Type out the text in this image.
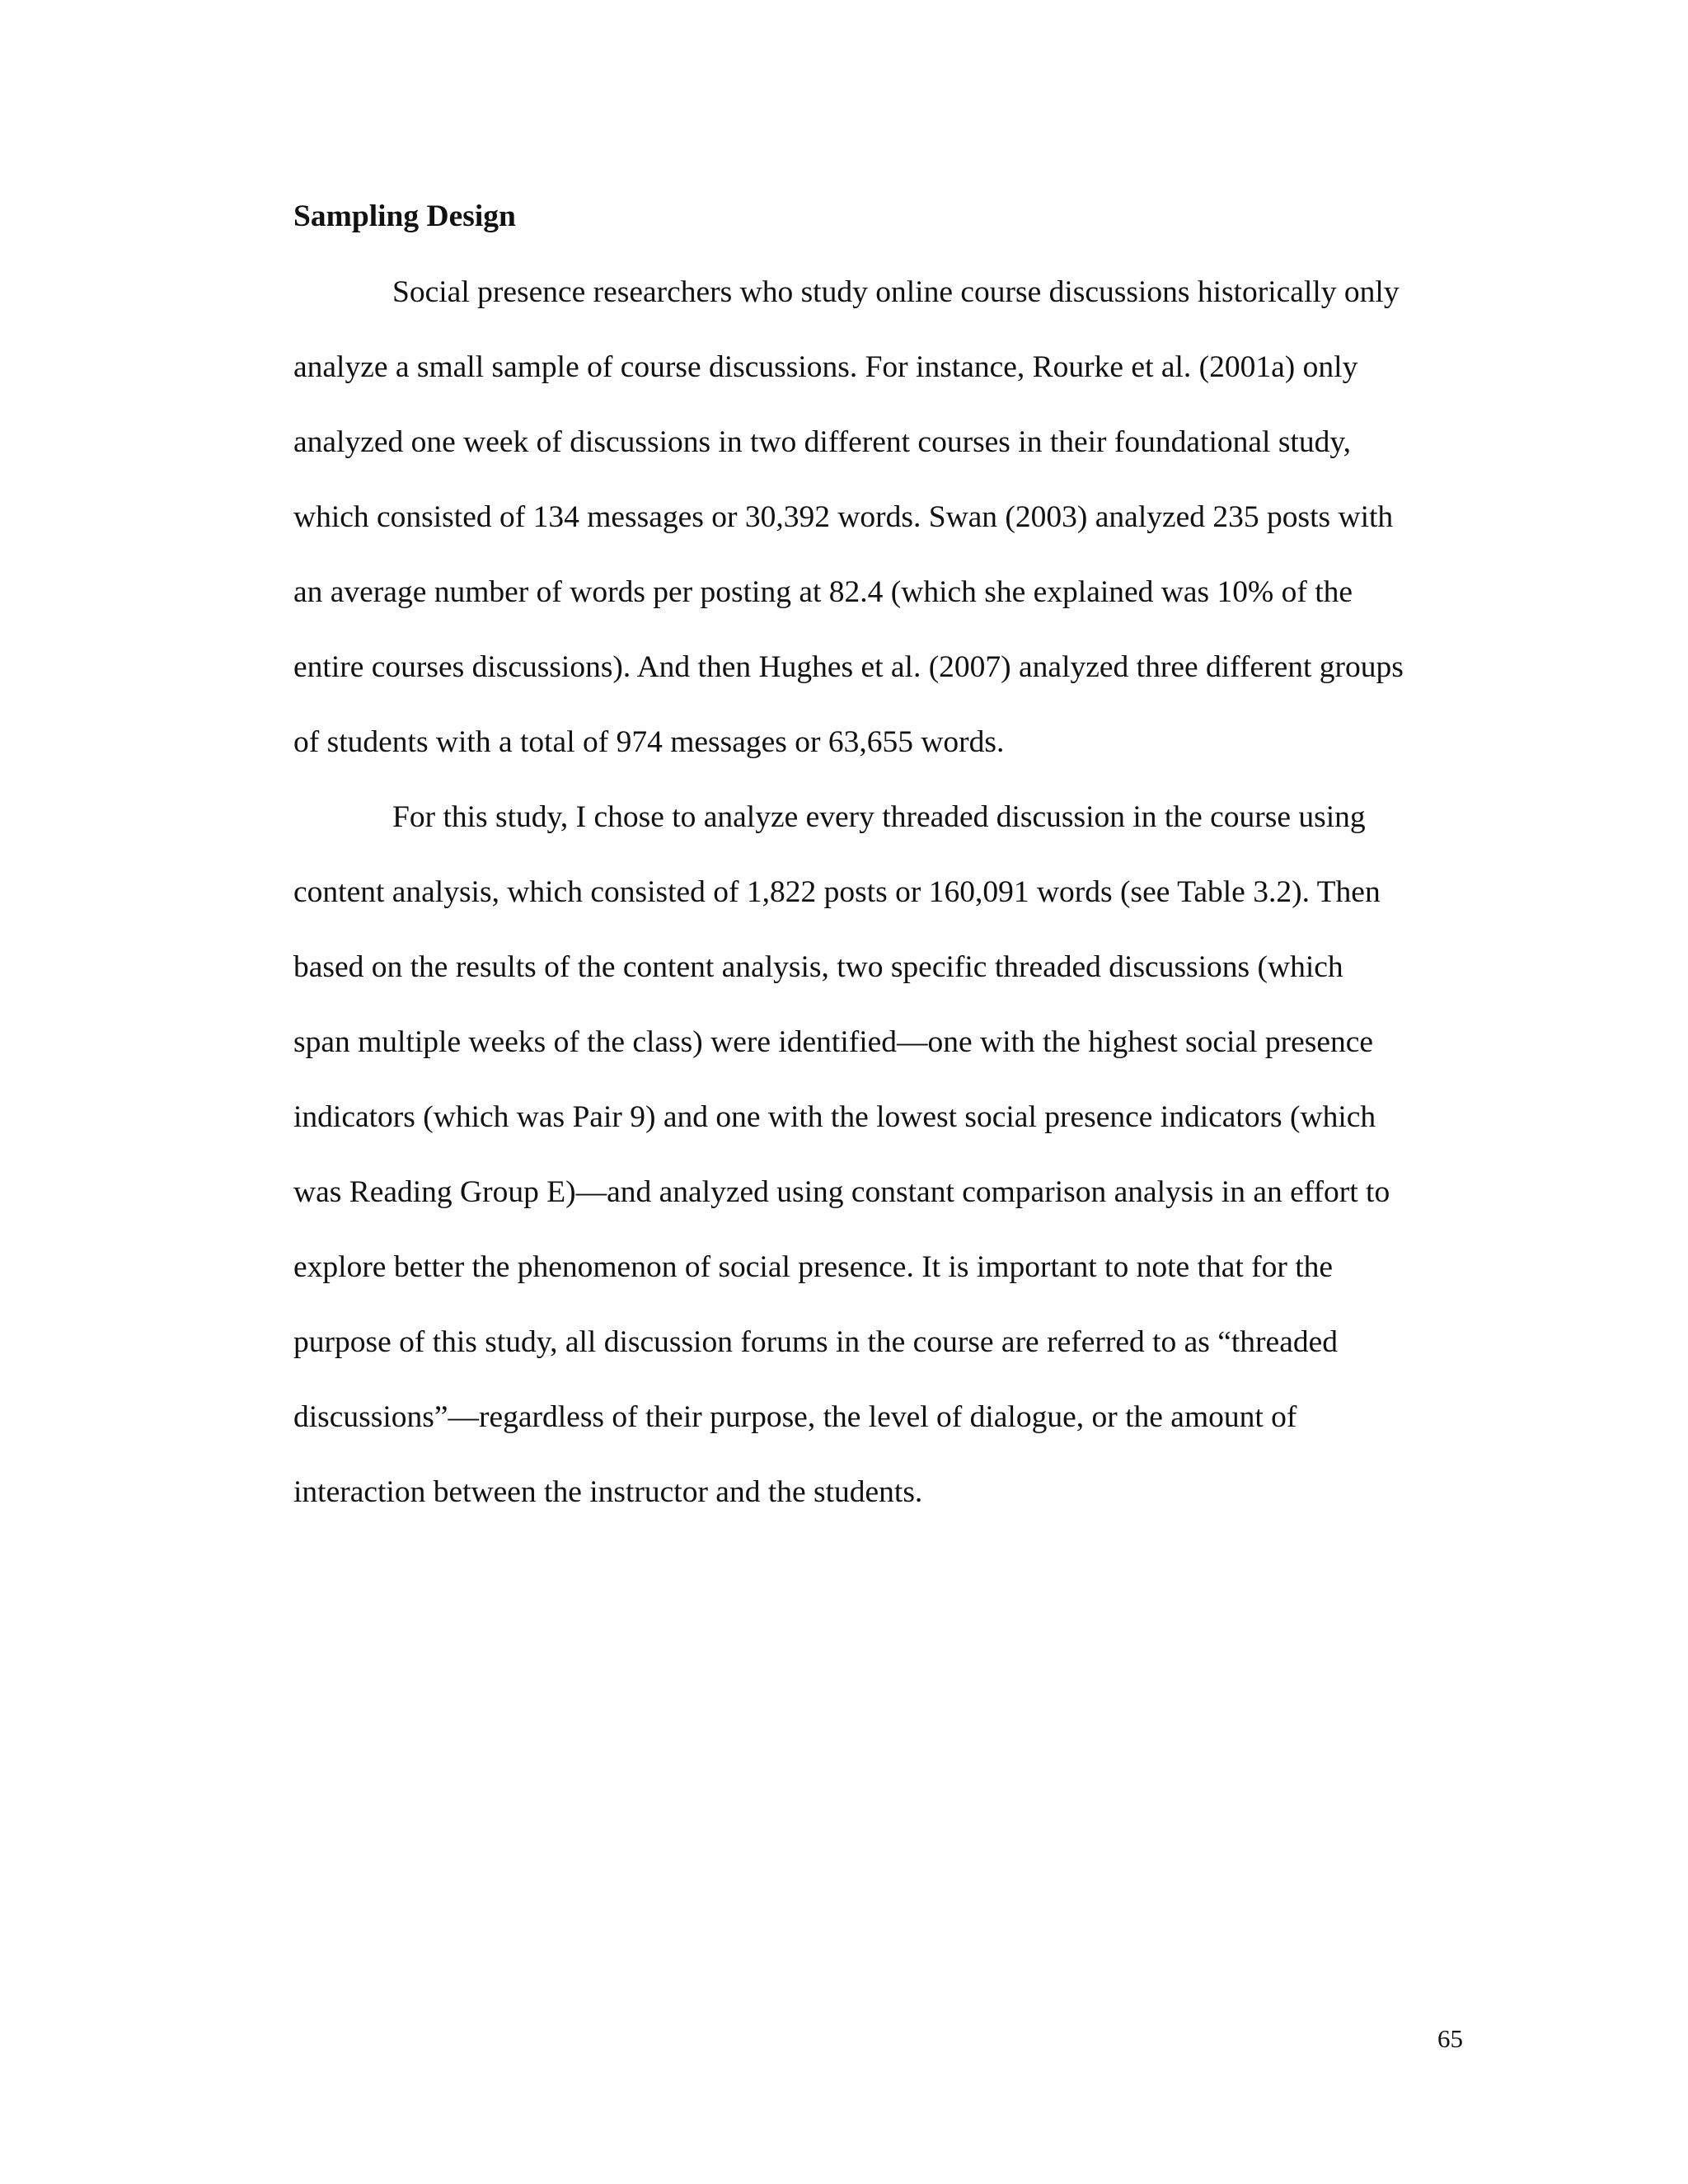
Sampling Design

Social presence researchers who study online course discussions historically only

analyze a small sample of course discussions. For instance, Rourke et al. (2001a) only

analyzed one week of discussions in two different courses in their foundational study,

which consisted of 134 messages or 30,392 words. Swan (2003) analyzed 235 posts with

an average number of words per posting at 82.4 (which she explained was 10% of the

entire courses discussions). And then Hughes et al. (2007) analyzed three different groups

of students with a total of 974 messages or 63,655 words.

For this study, I chose to analyze every threaded discussion in the course using

content analysis, which consisted of 1,822 posts or 160,091 words (see Table 3.2). Then

based on the results of the content analysis, two specific threaded discussions (which

span multiple weeks of the class) were identified—one with the highest social presence

indicators (which was Pair 9) and one with the lowest social presence indicators (which

was Reading Group E)—and analyzed using constant comparison analysis in an effort to

explore better the phenomenon of social presence. It is important to note that for the

purpose of this study, all discussion forums in the course are referred to as “threaded

discussions”—regardless of their purpose, the level of dialogue, or the amount of

interaction between the instructor and the students.

65
